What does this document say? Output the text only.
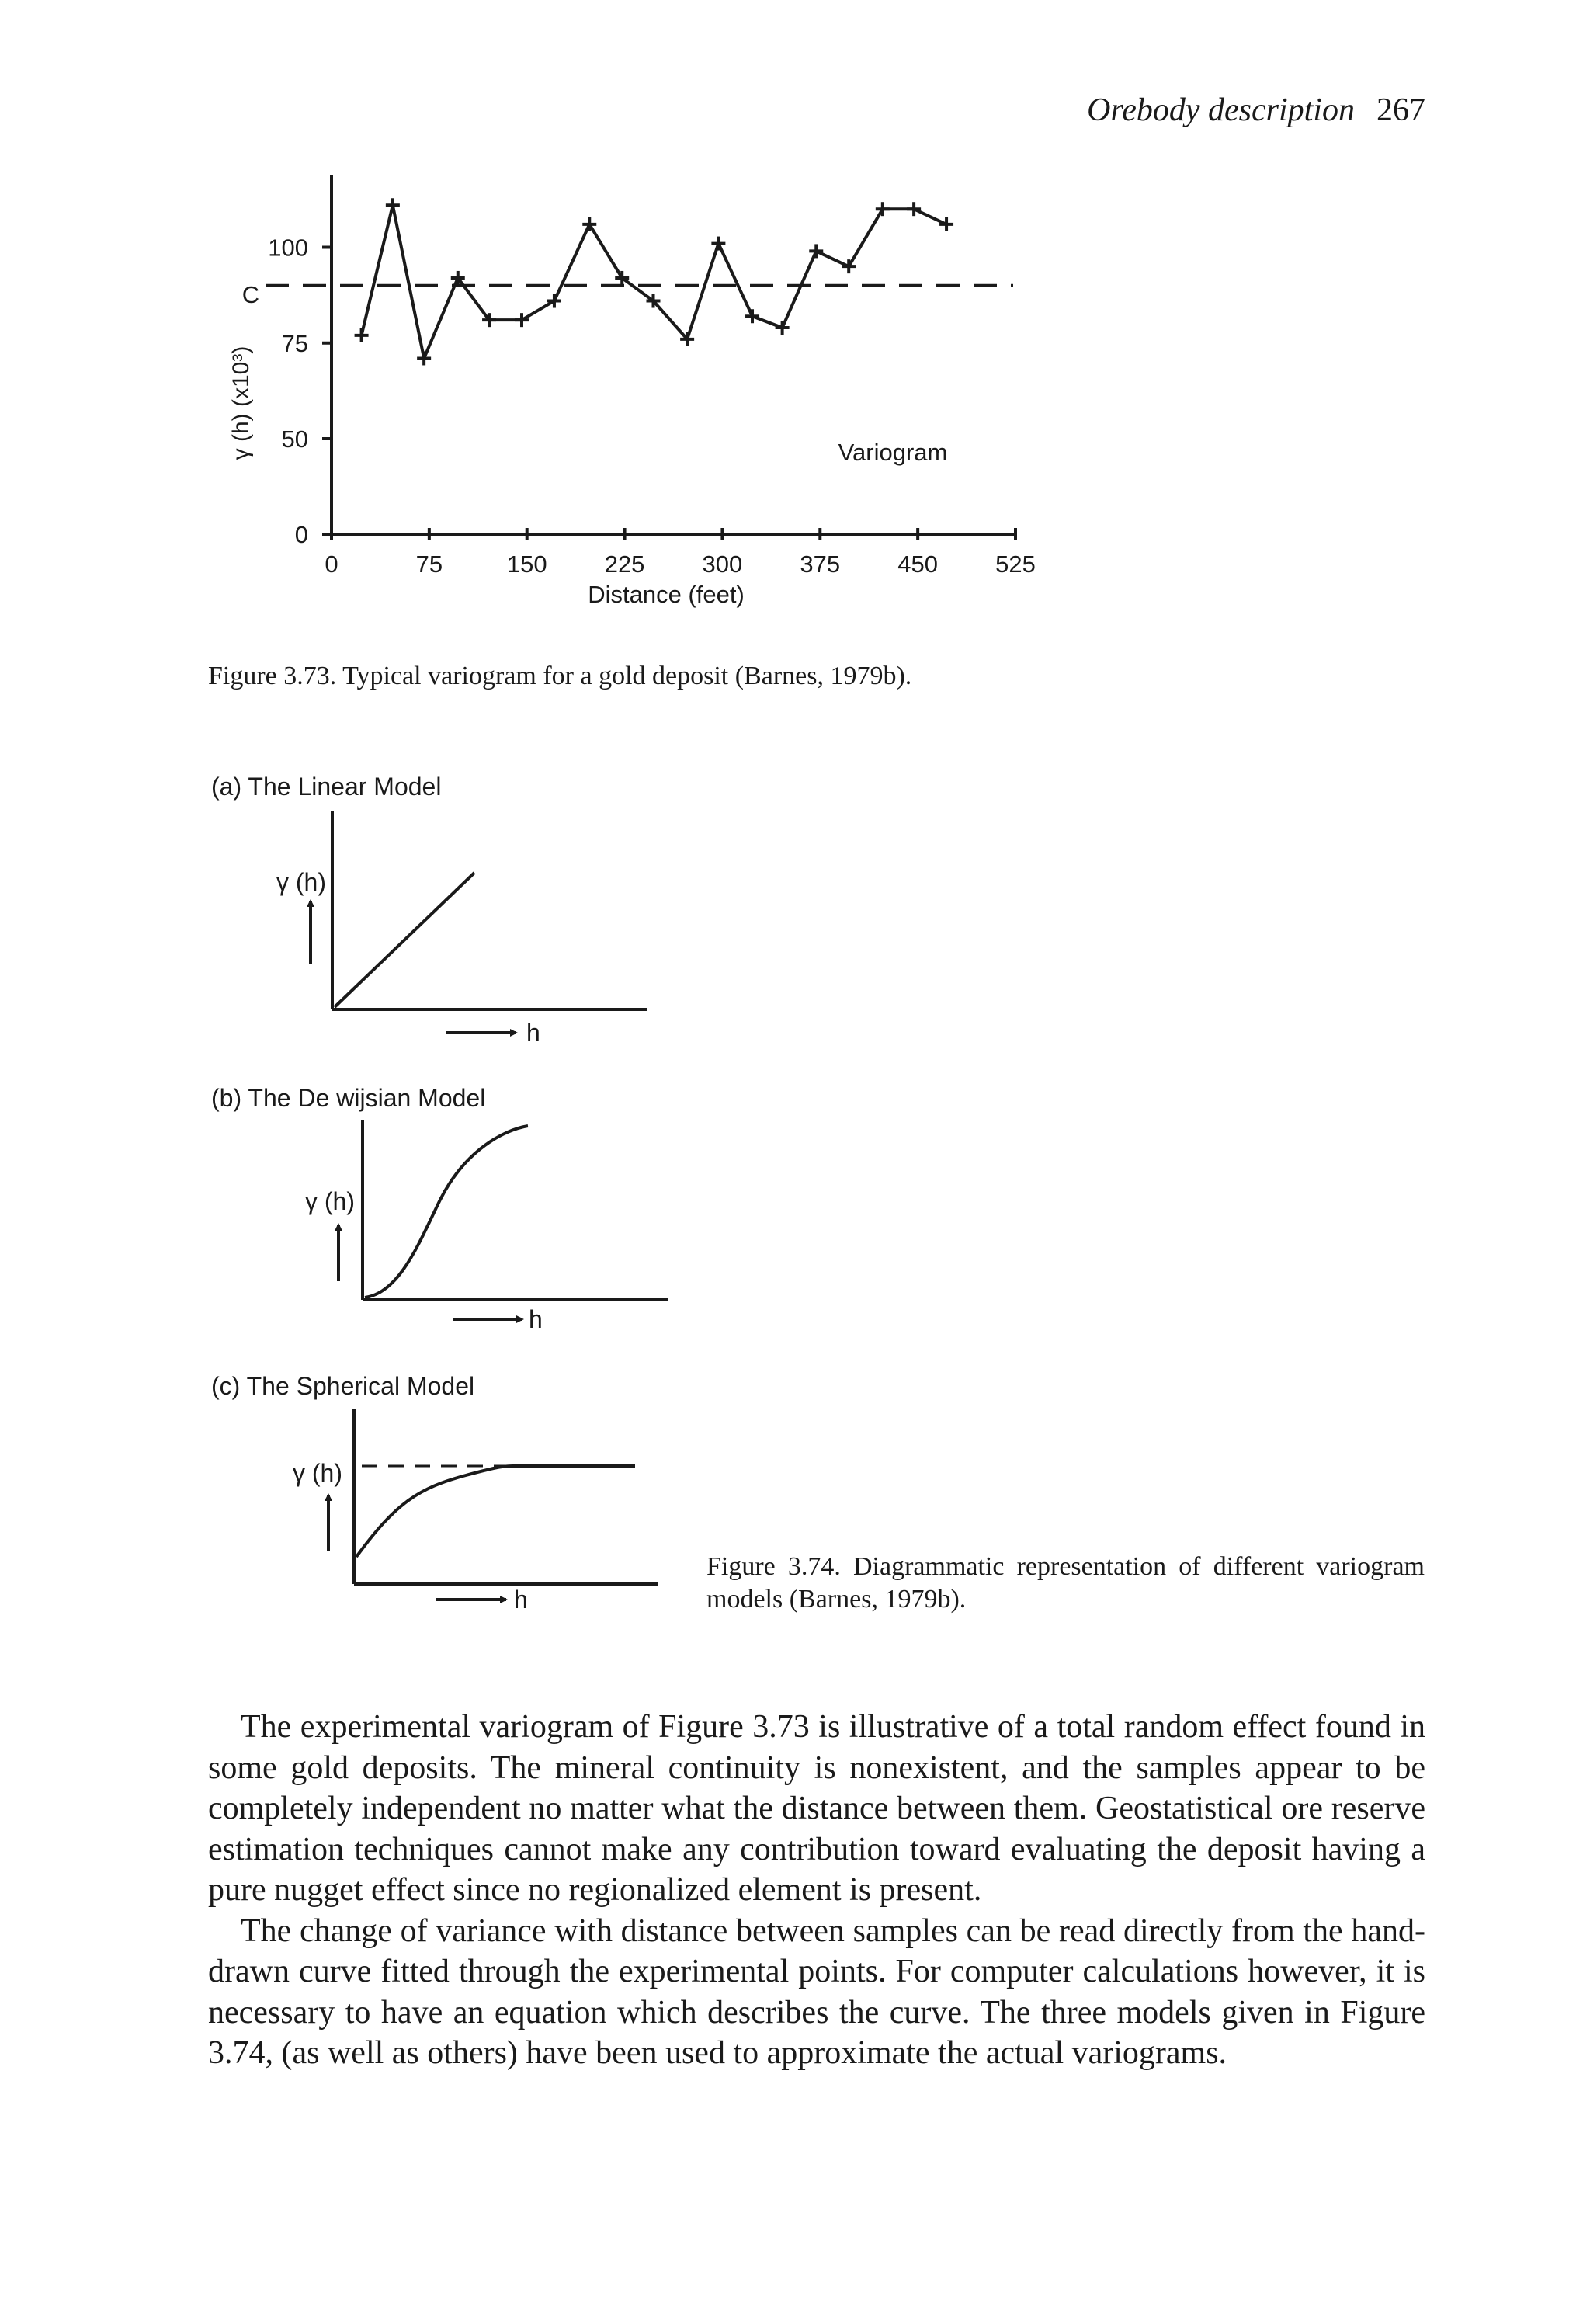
Orebody description 267
0	75	150 225 300 375 450 525
0
50
75
100
γ (h) (x10³)
Distance (feet)
Variogram
C
Figure 3.73. Typical variogram for a gold deposit (Barnes, 1979b).
(a) The Linear Model
γ (h)
h
(b) The De wijsian Model
γ (h)
h
(c) The Spherical Model
γ (h)
h
Figure 3.74. Diagrammatic representation of different variogram models (Barnes, 1979b).

The experimental variogram of Figure 3.73 is illustrative of a total random effect found in some gold deposits. The mineral continuity is nonexistent, and the samples appear to be completely independent no matter what the distance between them. Geostatistical ore reserve estimation techniques cannot make any contribution toward evaluating the deposit having a pure nugget effect since no regionalized element is present.

The change of variance with distance between samples can be read directly from the hand-drawn curve fitted through the experimental points. For computer calculations however, it is necessary to have an equation which describes the curve. The three models given in Figure 3.74, (as well as others) have been used to approximate the actual variograms.
